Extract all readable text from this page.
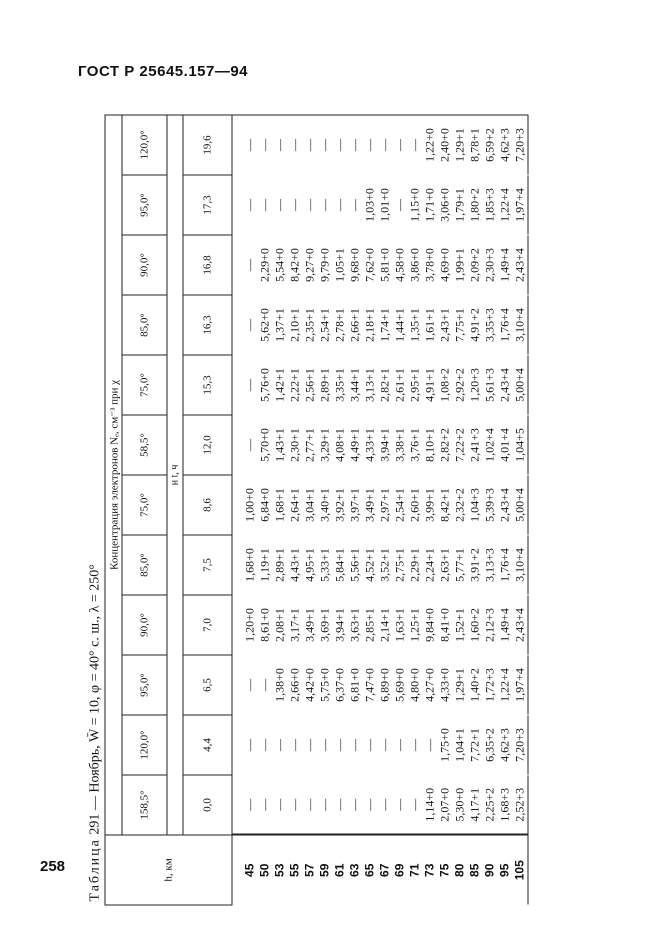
ГОСТ Р 25645.157—94
258 Таблица 291 — Ноябрь, W̄ = 10, φ = 40° с. ш., λ = 250°
h, км	Концентрация электронов Nₑ, см⁻³ при χ											
	158,5°	120,0°	95,0°	90,0°	85,0°	75,0°	58,5°	75,0°	85,0°	90,0°	95,0°	120,0°
	и t, ч											
	0,0	4,4	6,5	7,0	7,5	8,6	12,0	15,3	16,3	16,8	17,3	19,6
45	—	—	—	1,20+0	1,68+0	1,00+0	—	—	—	—	—	—
50	—	—	—	8,61+0	1,19+1	6,84+0	5,70+0	5,76+0	5,62+0	2,29+0	—	—
53	—	—	1,38+0	2,08+1	2,89+1	1,68+1	1,43+1	1,42+1	1,37+1	5,54+0	—	—
55	—	—	2,66+0	3,17+1	4,43+1	2,64+1	2,30+1	2,22+1	2,10+1	8,42+0	—	—
57	—	—	4,42+0	3,49+1	4,95+1	3,04+1	2,77+1	2,56+1	2,35+1	9,27+0	—	—
59	—	—	5,75+0	3,69+1	5,33+1	3,40+1	3,29+1	2,89+1	2,54+1	9,79+0	—	—
61	—	—	6,37+0	3,94+1	5,84+1	3,92+1	4,08+1	3,35+1	2,78+1	1,05+1	—	—
63	—	—	6,81+0	3,63+1	5,56+1	3,97+1	4,49+1	3,44+1	2,66+1	9,68+0	—	—
65	—	—	7,47+0	2,85+1	4,52+1	3,49+1	4,33+1	3,13+1	2,18+1	7,62+0	1,03+0	—
67	—	—	6,89+0	2,14+1	3,52+1	2,97+1	3,94+1	2,82+1	1,74+1	5,81+0	1,01+0	—
69	—	—	5,69+0	1,63+1	2,75+1	2,54+1	3,38+1	2,61+1	1,44+1	4,58+0	—	—
71	—	—	4,80+0	1,25+1	2,29+1	2,60+1	3,76+1	2,95+1	1,35+1	3,86+0	1,15+0	—
73	1,14+0	—	4,27+0	9,84+0	2,24+1	3,99+1	8,10+1	4,91+1	1,61+1	3,78+0	1,71+0	1,22+0
75	2,07+0	1,75+0	4,33+0	8,41+0	2,63+1	8,42+1	2,82+2	1,08+2	2,43+1	4,69+0	3,06+0	2,40+0
80	5,30+0	1,04+1	1,29+1	1,52+1	5,77+1	2,32+2	7,22+2	2,92+2	7,75+1	1,99+1	1,79+1	1,29+1
85	4,17+1	7,72+1	1,40+2	1,60+2	3,91+2	1,04+3	2,41+3	1,20+3	4,91+2	2,09+2	1,80+2	8,78+1
90	2,25+2	6,35+2	1,72+3	2,12+3	3,13+3	5,39+3	1,02+4	5,61+3	3,35+3	2,30+3	1,85+3	6,59+2
95	1,68+3	4,62+3	1,22+4	1,49+4	1,76+4	2,43+4	4,01+4	2,43+4	1,76+4	1,49+4	1,22+4	4,62+3
105	2,52+3	7,20+3	1,97+4	2,43+4	3,10+4	5,00+4	1,04+5	5,00+4	3,10+4	2,43+4	1,97+4	7,20+3
